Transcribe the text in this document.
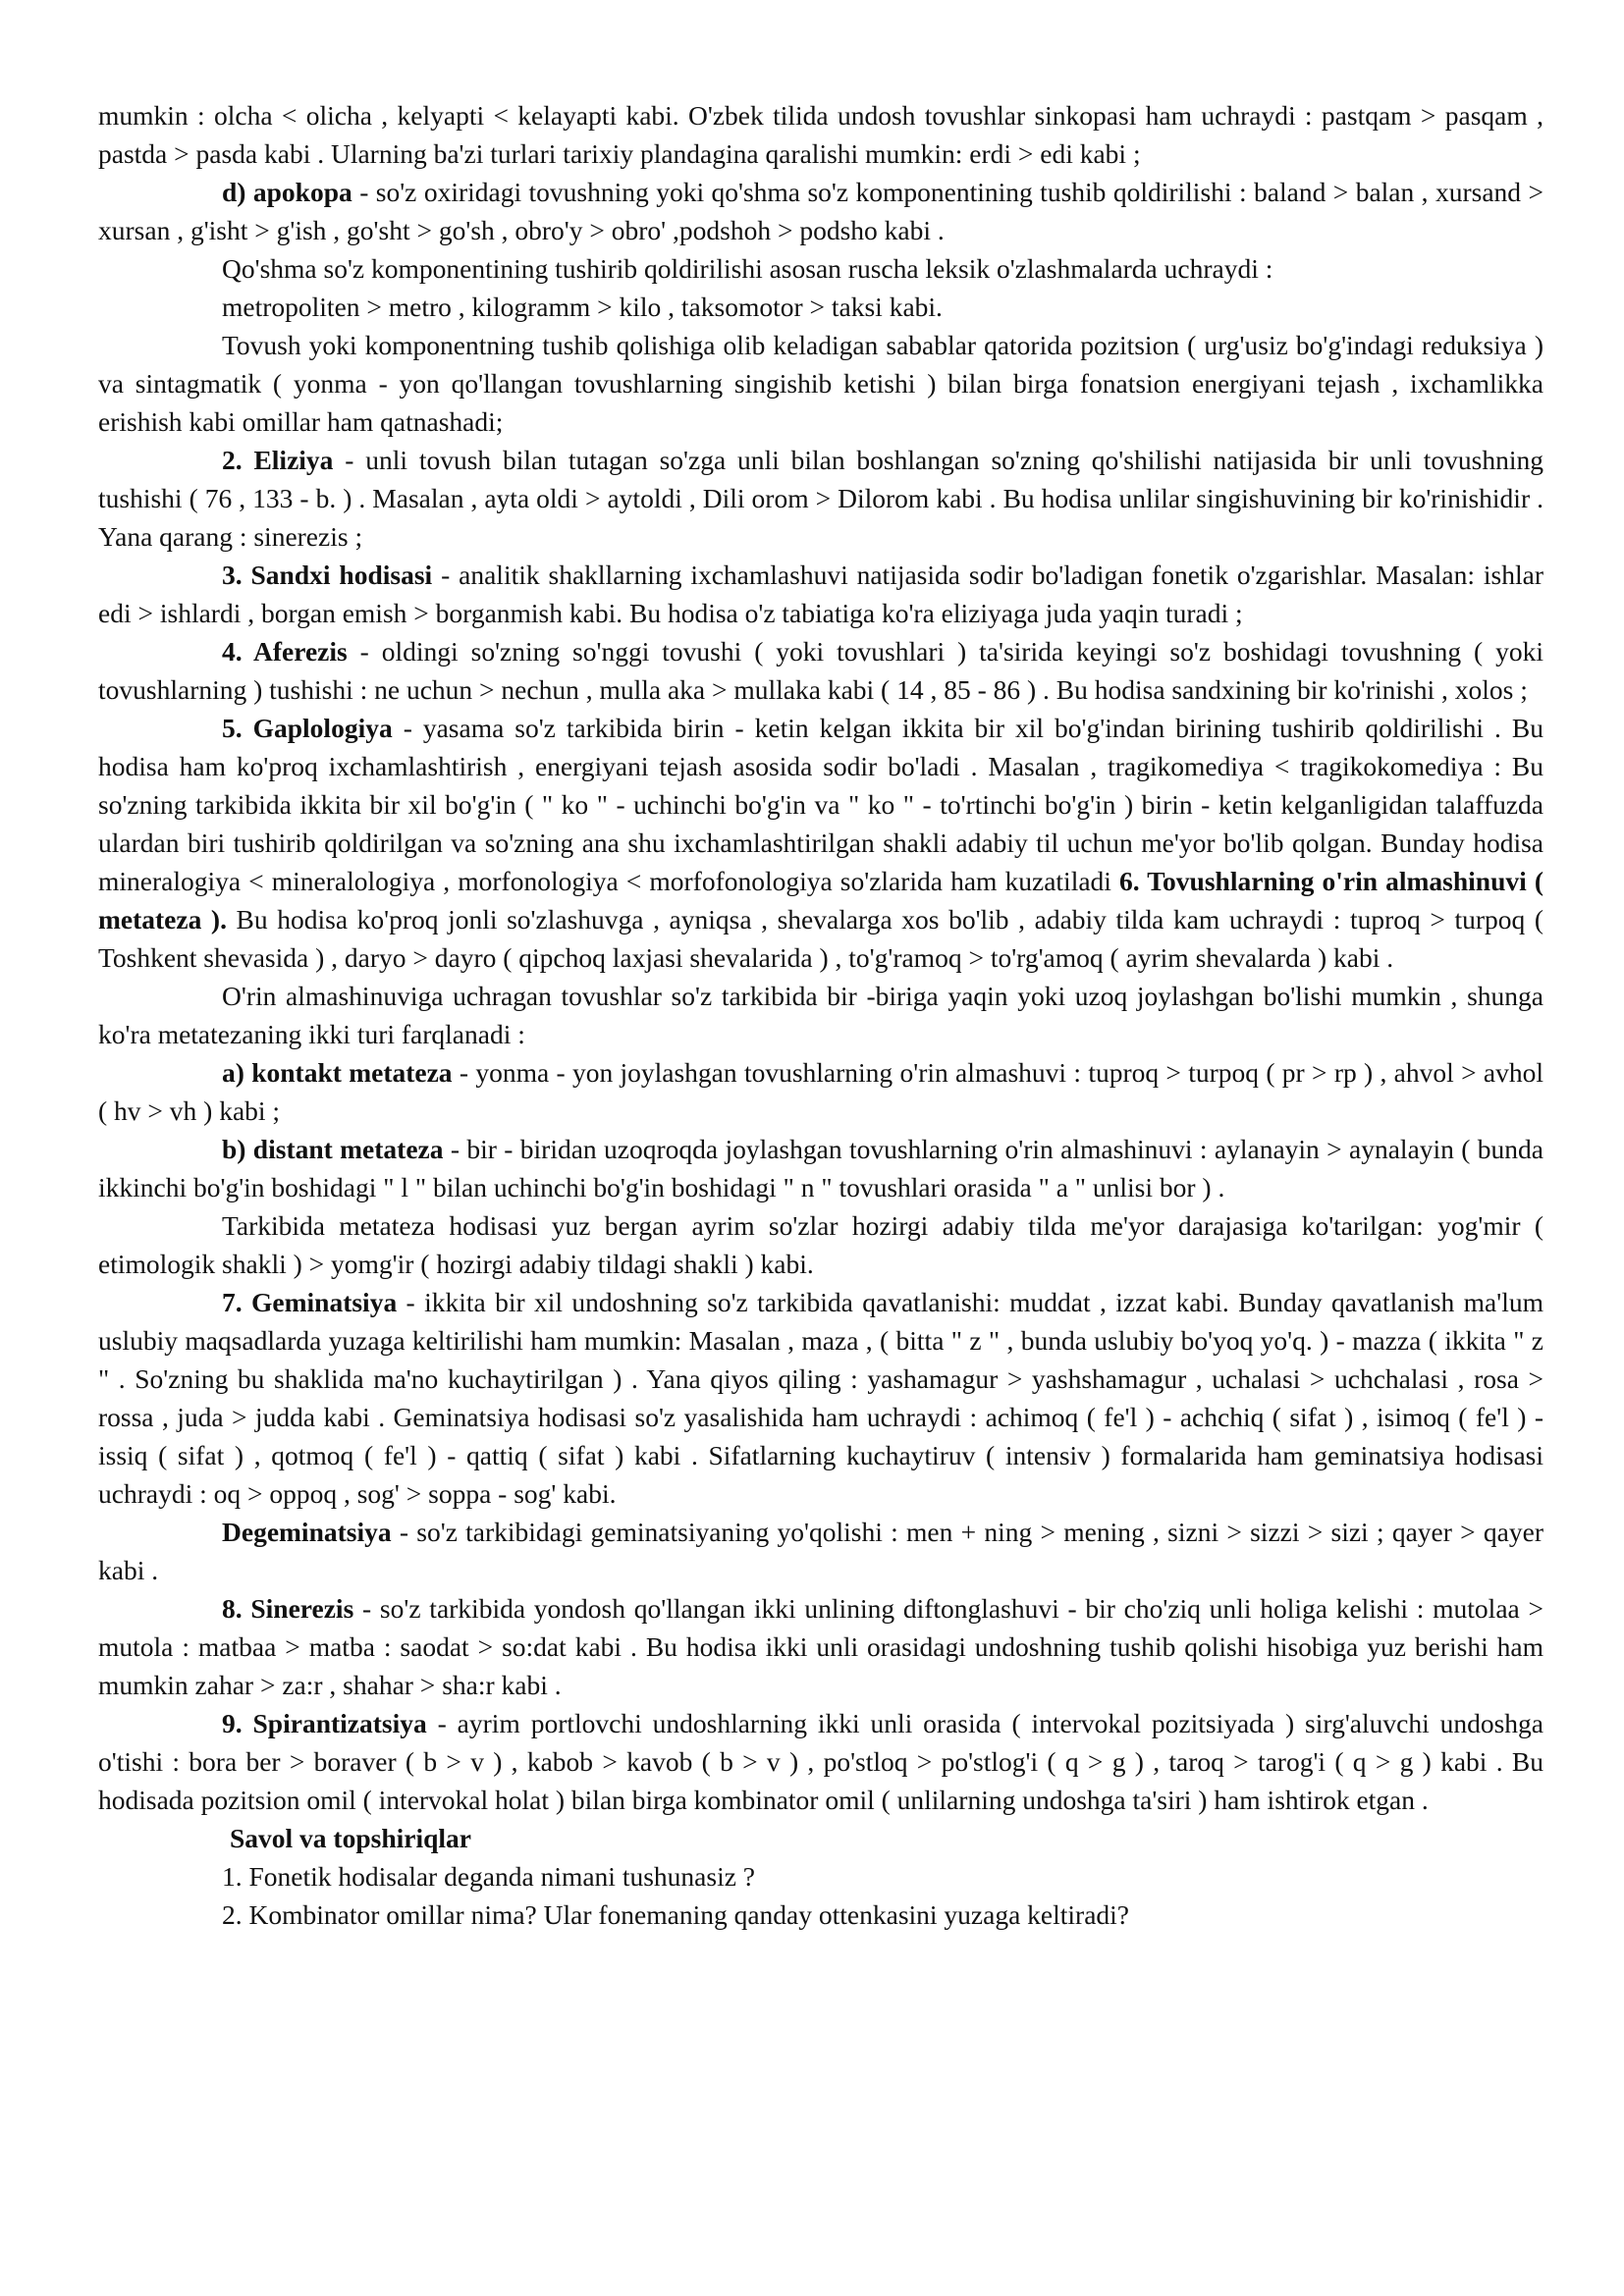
mumkin : olcha < olicha , kelyapti < kelayapti kabi. O'zbek tilida undosh tovushlar sinkopasi ham uchraydi : pastqam > pasqam , pastda > pasda kabi . Ularning ba'zi turlari tarixiy plandagina qaralishi mumkin: erdi > edi kabi ;

d) apokopa - so'z oxiridagi tovushning yoki qo'shma so'z komponentining tushib qoldirilishi : baland > balan , xursand > xursan , g'isht > g'ish , go'sht > go'sh , obro'y > obro' ,podshoh > podsho kabi .

Qo'shma so'z komponentining tushirib qoldirilishi asosan ruscha leksik o'zlashmalarda uchraydi :

metropoliten > metro , kilogramm > kilo , taksomotor > taksi kabi.

Tovush yoki komponentning tushib qolishiga olib keladigan sabablar qatorida pozitsion ( urg'usiz bo'g'indagi reduksiya ) va sintagmatik ( yonma - yon qo'llangan tovushlarning singishib ketishi ) bilan birga fonatsion energiyani tejash , ixchamlikka erishish kabi omillar ham qatnashadi;

2. Eliziya - unli tovush bilan tutagan so'zga unli bilan boshlangan so'zning qo'shilishi natijasida bir unli tovushning tushishi ( 76 , 133 - b. ) . Masalan , ayta oldi > aytoldi , Dili orom > Dilorom kabi . Bu hodisa unlilar singishuvining bir ko'rinishidir . Yana qarang : sinerezis ;

3. Sandxi hodisasi - analitik shakllarning ixchamlashuvi natijasida sodir bo'ladigan fonetik o'zgarishlar. Masalan: ishlar edi > ishlardi , borgan emish > borganmish kabi. Bu hodisa o'z tabiatiga ko'ra eliziyaga juda yaqin turadi ;

4. Aferezis - oldingi so'zning so'nggi tovushi ( yoki tovushlari ) ta'sirida keyingi so'z boshidagi tovushning ( yoki tovushlarning ) tushishi : ne uchun > nechun , mulla aka > mullaka kabi ( 14 , 85 - 86 ) . Bu hodisa sandxining bir ko'rinishi , xolos ;

5. Gaplologiya - yasama so'z tarkibida birin - ketin kelgan ikkita bir xil bo'g'indan birining tushirib qoldirilishi . Bu hodisa ham ko'proq ixchamlashtirish , energiyani tejash asosida sodir bo'ladi . Masalan , tragikomediya < tragikokomediya : Bu so'zning tarkibida ikkita bir xil bo'g'in ( " ko " - uchinchi bo'g'in va " ko " - to'rtinchi bo'g'in ) birin - ketin kelganligidan talaffuzda ulardan biri tushirib qoldirilgan va so'zning ana shu ixchamlashtirilgan shakli adabiy til uchun me'yor bo'lib qolgan. Bunday hodisa mineralogiya < mineralologiya , morfonologiya < morfofonologiya so'zlarida ham kuzatiladi 6. Tovushlarning o'rin almashinuvi ( metateza ). Bu hodisa ko'proq jonli so'zlashuvga , ayniqsa , shevalarga xos bo'lib , adabiy tilda kam uchraydi : tuproq > turpoq ( Toshkent shevasida ) , daryo > dayro ( qipchoq laxjasi shevalarida ) , to'g'ramoq > to'rg'amoq ( ayrim shevalarda ) kabi .

O'rin almashinuviga uchragan tovushlar so'z tarkibida bir -biriga yaqin yoki uzoq joylashgan bo'lishi mumkin , shunga ko'ra metatezaning ikki turi farqlanadi :

a) kontakt metateza - yonma - yon joylashgan tovushlarning o'rin almashuvi : tuproq > turpoq ( pr > rp ) , ahvol > avhol ( hv > vh ) kabi ;

b) distant metateza - bir - biridan uzoqroqda joylashgan tovushlarning o'rin almashinuvi : aylanayin > aynalayin ( bunda ikkinchi bo'g'in boshidagi " l " bilan uchinchi bo'g'in boshidagi " n " tovushlari orasida " a " unlisi bor ) .

Tarkibida metateza hodisasi yuz bergan ayrim so'zlar hozirgi adabiy tilda me'yor darajasiga ko'tarilgan: yog'mir ( etimologik shakli ) > yomg'ir ( hozirgi adabiy tildagi shakli ) kabi.

7. Geminatsiya - ikkita bir xil undoshning so'z tarkibida qavatlanishi: muddat , izzat kabi. Bunday qavatlanish ma'lum uslubiy maqsadlarda yuzaga keltirilishi ham mumkin: Masalan , maza , ( bitta " z " , bunda uslubiy bo'yoq yo'q. ) - mazza ( ikkita " z " . So'zning bu shaklida ma'no kuchaytirilgan ) . Yana qiyos qiling : yashamagur > yashshamagur , uchalasi > uchchalasi , rosa > rossa , juda > judda kabi . Geminatsiya hodisasi so'z yasalishida ham uchraydi : achimoq ( fe'l ) - achchiq ( sifat ) , isimoq ( fe'l ) - issiq ( sifat ) , qotmoq ( fe'l ) - qattiq ( sifat ) kabi . Sifatlarning kuchaytiruv ( intensiv ) formalarida ham geminatsiya hodisasi uchraydi : oq > oppoq , sog' > soppa - sog' kabi.

Degeminatsiya - so'z tarkibidagi geminatsiyaning yo'qolishi : men + ning > mening , sizni > sizzi > sizi ; qayer > qayer kabi .

8. Sinerezis - so'z tarkibida yondosh qo'llangan ikki unlining diftonglashuvi - bir cho'ziq unli holiga kelishi : mutolaa > mutola : matbaa > matba : saodat > so:dat kabi . Bu hodisa ikki unli orasidagi undoshning tushib qolishi hisobiga yuz berishi ham mumkin zahar > za:r , shahar > sha:r kabi .

9. Spirantizatsiya - ayrim portlovchi undoshlarning ikki unli orasida ( intervokal pozitsiyada ) sirg'aluvchi undoshga o'tishi : bora ber > boraver ( b > v ) , kabob > kavob ( b > v ) , po'stloq > po'stlog'i ( q > g ) , taroq > tarog'i ( q > g ) kabi . Bu hodisada pozitsion omil ( intervokal holat ) bilan birga kombinator omil ( unlilarning undoshga ta'siri ) ham ishtirok etgan .

Savol va topshiriqlar

1. Fonetik hodisalar deganda nimani tushunasiz ?

2. Kombinator omillar nima? Ular fonemaning qanday ottenkasini yuzaga keltiradi?
